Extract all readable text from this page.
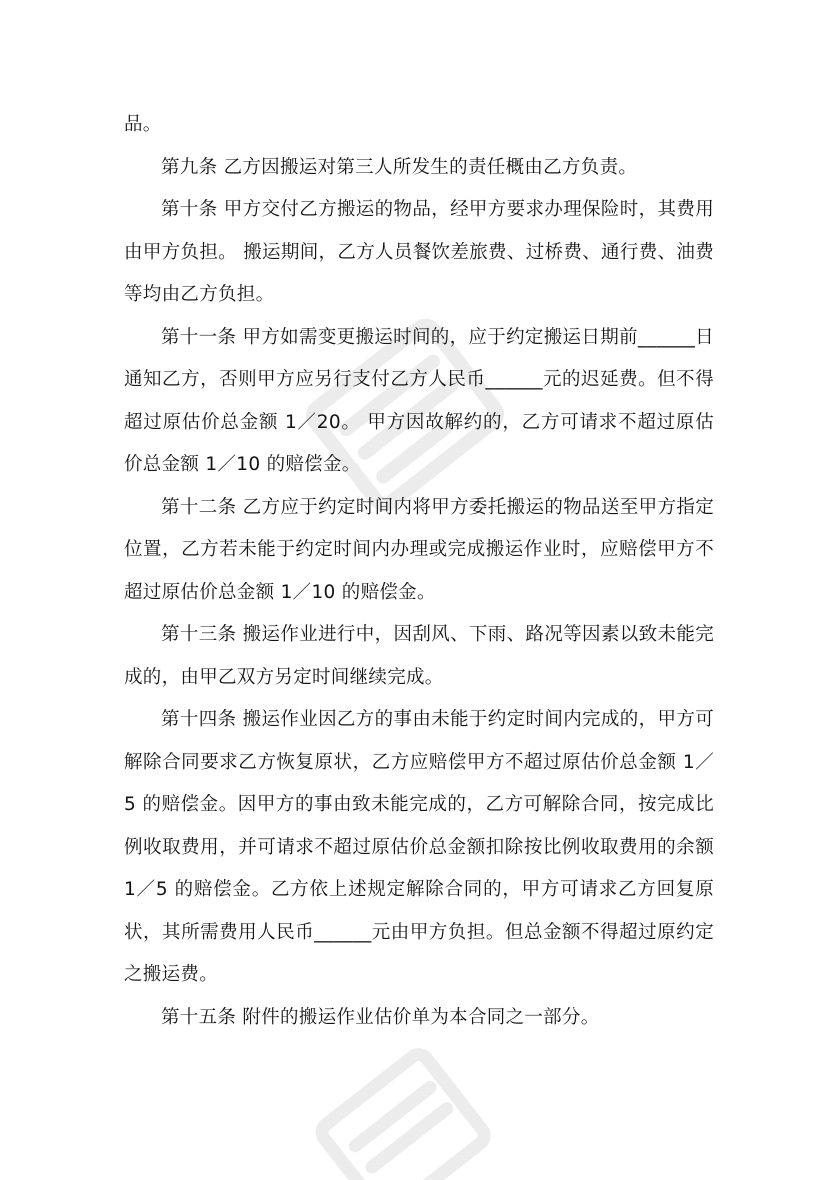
品。

第九条 乙方因搬运对第三人所发生的责任概由乙方负责。

第十条 甲方交付乙方搬运的物品，经甲方要求办理保险时，其费用由甲方负担。 搬运期间，乙方人员餐饮差旅费、过桥费、通行费、油费等均由乙方负担。

第十一条 甲方如需变更搬运时间的，应于约定搬运日期前______日通知乙方，否则甲方应另行支付乙方人民币______元的迟延费。但不得超过原估价总金额 1／20。 甲方因故解约的，乙方可请求不超过原估价总金额 1／10 的赔偿金。

第十二条 乙方应于约定时间内将甲方委托搬运的物品送至甲方指定位置，乙方若未能于约定时间内办理或完成搬运作业时，应赔偿甲方不超过原估价总金额 1／10 的赔偿金。

第十三条 搬运作业进行中，因刮风、下雨、路况等因素以致未能完成的，由甲乙双方另定时间继续完成。

第十四条 搬运作业因乙方的事由未能于约定时间内完成的，甲方可解除合同要求乙方恢复原状，乙方应赔偿甲方不超过原估价总金额 1／5 的赔偿金。因甲方的事由致未能完成的，乙方可解除合同，按完成比例收取费用，并可请求不超过原估价总金额扣除按比例收取费用的余额 1／5 的赔偿金。乙方依上述规定解除合同的，甲方可请求乙方回复原状，其所需费用人民币______元由甲方负担。但总金额不得超过原约定之搬运费。

第十五条 附件的搬运作业估价单为本合同之一部分。
